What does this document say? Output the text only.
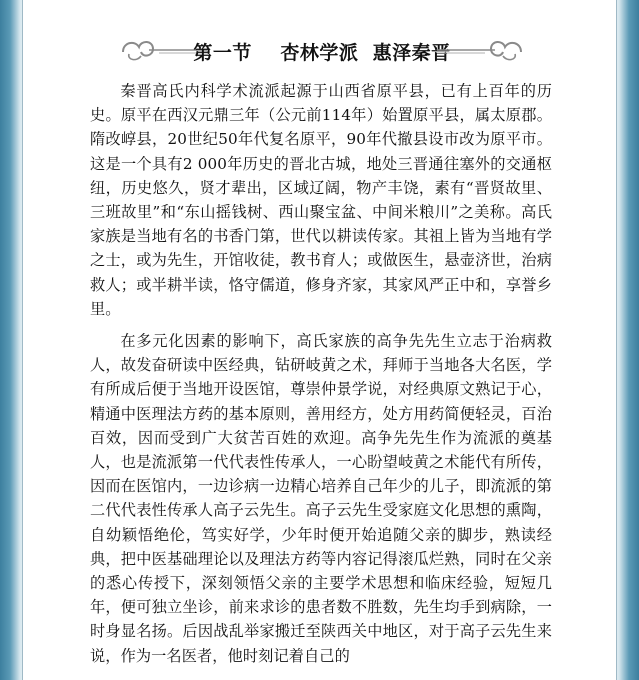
第一节    杏林学派  惠泽秦晋

秦晋高氏内科学术流派起源于山西省原平县，已有上百年的历史。原平在西汉元鼎三年（公元前114年）始置原平县，属太原郡。隋改崞县，20世纪50年代复名原平，90年代撤县设市改为原平市。这是一个具有2 000年历史的晋北古城，地处三晋通往塞外的交通枢纽，历史悠久，贤才辈出，区域辽阔，物产丰饶，素有“晋贤故里、三班故里”和“东山摇钱树、西山聚宝盆、中间米粮川”之美称。高氏家族是当地有名的书香门第，世代以耕读传家。其祖上皆为当地有学之士，或为先生，开馆收徒，教书育人；或做医生，悬壶济世，治病救人；或半耕半读，恪守儒道，修身齐家，其家风严正中和，享誉乡里。

在多元化因素的影响下，高氏家族的高争先先生立志于治病救人，故发奋研读中医经典，钻研岐黄之术，拜师于当地各大名医，学有所成后便于当地开设医馆，尊崇仲景学说，对经典原文熟记于心，精通中医理法方药的基本原则，善用经方，处方用药简便轻灵，百治百效，因而受到广大贫苦百姓的欢迎。高争先先生作为流派的奠基人，也是流派第一代代表性传承人，一心盼望岐黄之术能代有所传，因而在医馆内，一边诊病一边精心培养自己年少的儿子，即流派的第二代代表性传承人高子云先生。高子云先生受家庭文化思想的熏陶，自幼颖悟绝伦，笃实好学，少年时便开始追随父亲的脚步，熟读经典，把中医基础理论以及理法方药等内容记得滚瓜烂熟，同时在父亲的悉心传授下，深刻领悟父亲的主要学术思想和临床经验，短短几年，便可独立坐诊，前来求诊的患者数不胜数，先生均手到病除，一时身显名扬。后因战乱举家搬迁至陕西关中地区，对于高子云先生来说，作为一名医者，他时刻记着自己的
